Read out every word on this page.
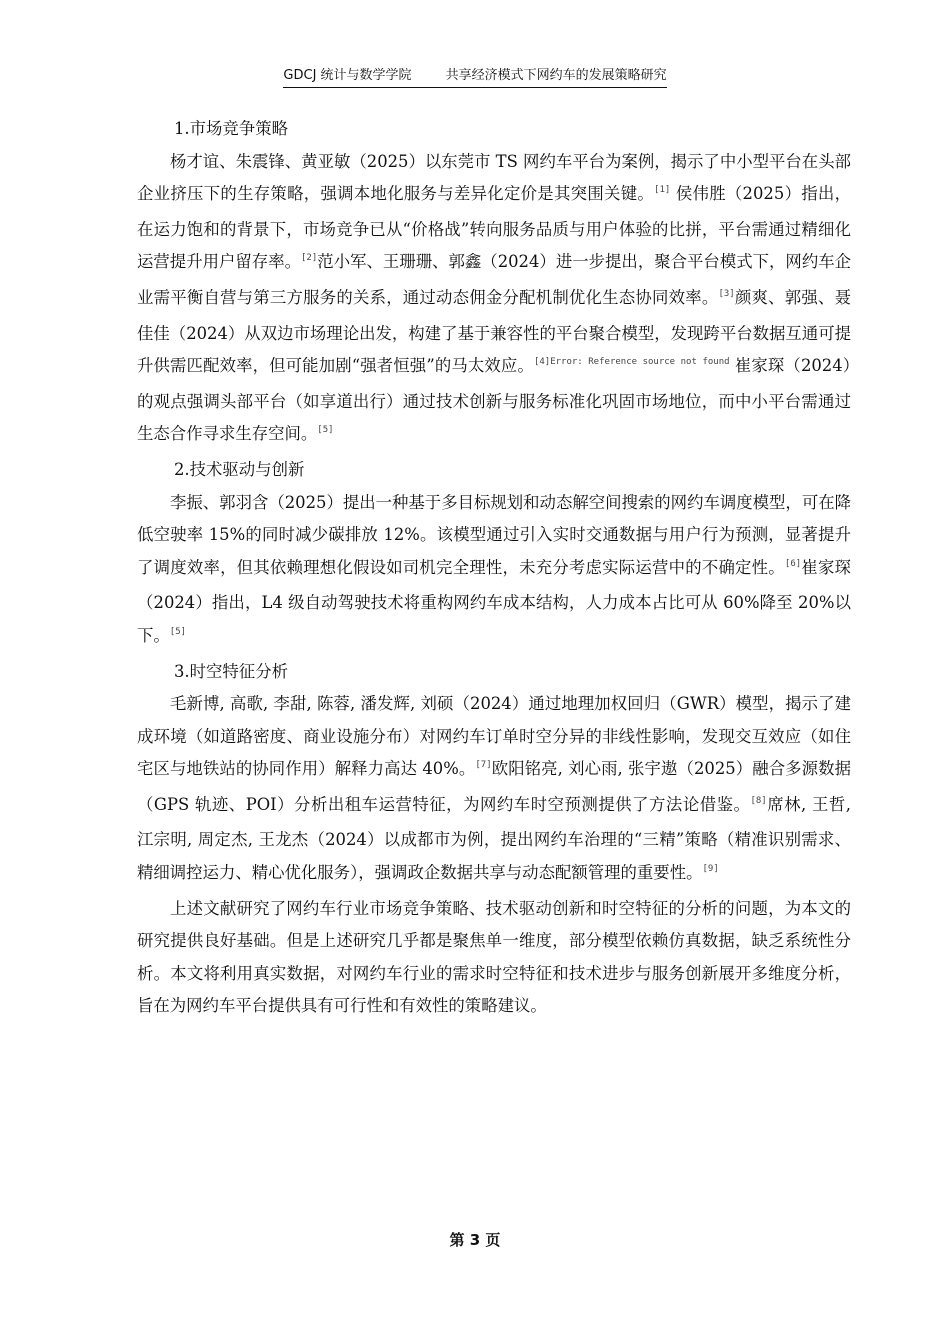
GDCJ 统计与数学学院	共享经济模式下网约车的发展策略研究

1.市场竞争策略

杨才谊、朱震锋、黄亚敏（2025）以东莞市 TS 网约车平台为案例，揭示了中小型平台在头部企业挤压下的生存策略，强调本地化服务与差异化定价是其突围关键。[1] 侯伟胜（2025）指出，在运力饱和的背景下，市场竞争已从“价格战”转向服务品质与用户体验的比拼，平台需通过精细化运营提升用户留存率。[2]范小军、王珊珊、郭鑫（2024）进一步提出，聚合平台模式下，网约车企业需平衡自营与第三方服务的关系，通过动态佣金分配机制优化生态协同效率。[3]颜爽、郭强、聂佳佳（2024）从双边市场理论出发，构建了基于兼容性的平台聚合模型，发现跨平台数据互通可提升供需匹配效率，但可能加剧“强者恒强”的马太效应。$^{[4]Error: Reference source not found}$ 崔家琛（2024）的观点强调头部平台（如享道出行）通过技术创新与服务标准化巩固市场地位，而中小平台需通过生态合作寻求生存空间。[5]

2.技术驱动与创新

李振、郭羽含（2025）提出一种基于多目标规划和动态解空间搜索的网约车调度模型，可在降低空驶率 15%的同时减少碳排放 12%。该模型通过引入实时交通数据与用户行为预测，显著提升了调度效率，但其依赖理想化假设如司机完全理性，未充分考虑实际运营中的不确定性。[6]崔家琛（2024）指出，L4 级自动驾驶技术将重构网约车成本结构，人力成本占比可从 60%降至 20%以下。[5]

3.时空特征分析

毛新博, 高歌, 李甜, 陈蓉, 潘发辉, 刘硕（2024）通过地理加权回归（GWR）模型，揭示了建成环境（如道路密度、商业设施分布）对网约车订单时空分异的非线性影响，发现交互效应（如住宅区与地铁站的协同作用）解释力高达 40%。[7]欧阳铭亮, 刘心雨, 张宇遨（2025）融合多源数据（GPS 轨迹、POI）分析出租车运营特征，为网约车时空预测提供了方法论借鉴。[8]席林, 王哲, 江宗明, 周定杰, 王龙杰（2024）以成都市为例，提出网约车治理的“三精”策略（精准识别需求、精细调控运力、精心优化服务），强调政企数据共享与动态配额管理的重要性。[9]

上述文献研究了网约车行业市场竞争策略、技术驱动创新和时空特征的分析的问题，为本文的研究提供良好基础。但是上述研究几乎都是聚焦单一维度，部分模型依赖仿真数据，缺乏系统性分析。本文将利用真实数据，对网约车行业的需求时空特征和技术进步与服务创新展开多维度分析，旨在为网约车平台提供具有可行性和有效性的策略建议。

第 3 页
